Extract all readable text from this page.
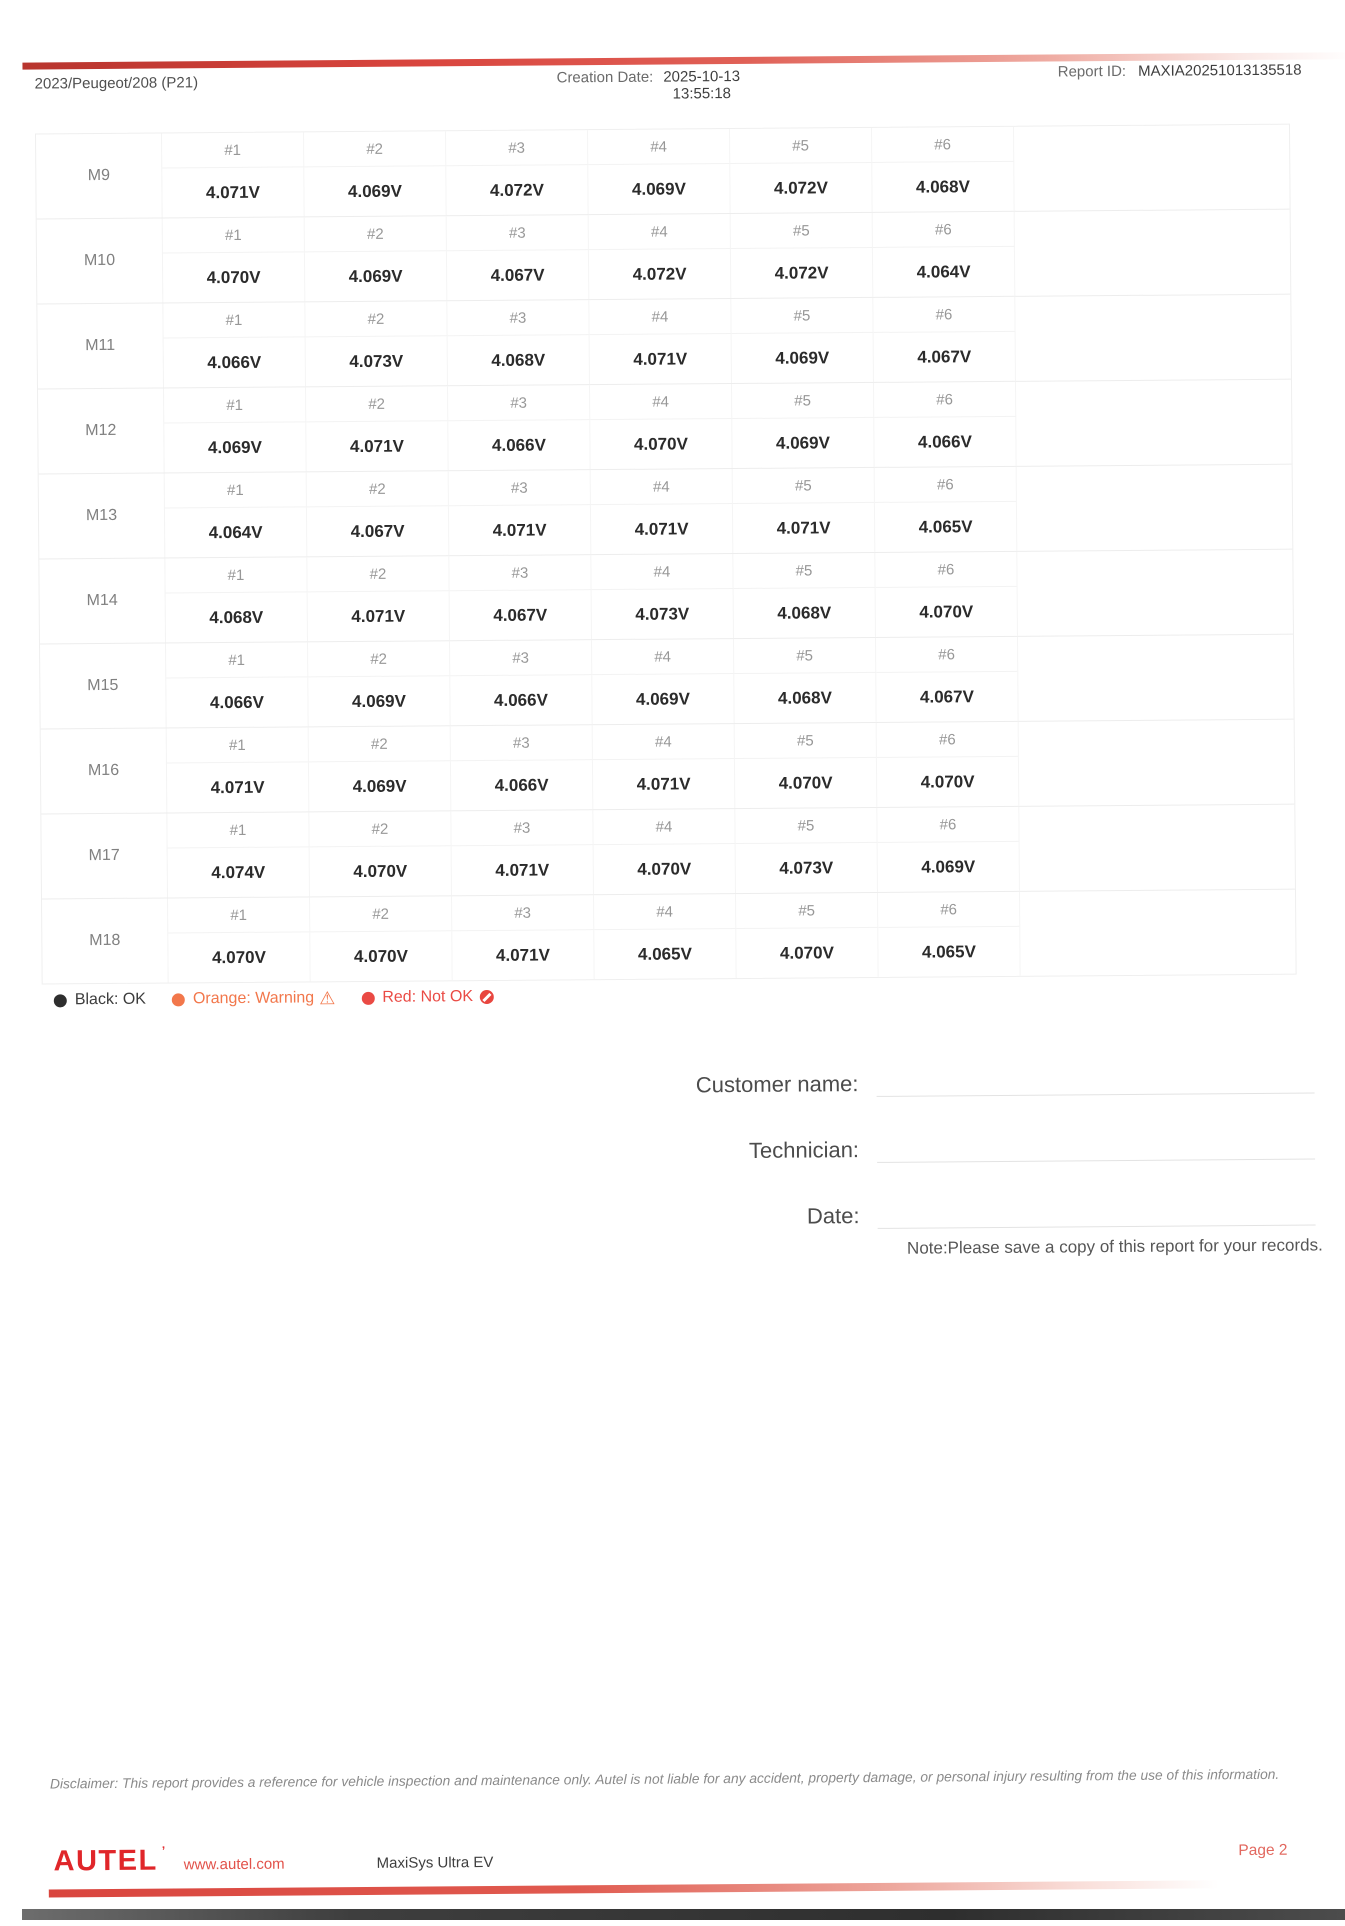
2023/Peugeot/208 (P21)	Creation Date: 2025-10-13
13:55:18
Report ID: MAXIA20251013135518
M9
#1	#2	#3	#4	#5	#6
4.071V	4.069V	4.072V	4.069V	4.072V	4.068V
M10
#1	#2	#3	#4	#5	#6
4.070V	4.069V	4.067V	4.072V	4.072V	4.064V
M11
#1	#2	#3	#4	#5	#6
4.066V	4.073V	4.068V	4.071V	4.069V	4.067V
M12
#1	#2	#3	#4	#5	#6
4.069V	4.071V	4.066V	4.070V	4.069V	4.066V
M13
#1	#2	#3	#4	#5	#6
4.064V	4.067V	4.071V	4.071V	4.071V	4.065V
M14
#1	#2	#3	#4	#5	#6
4.068V	4.071V	4.067V	4.073V	4.068V	4.070V
M15
#1	#2	#3	#4	#5	#6
4.066V	4.069V	4.066V	4.069V	4.068V	4.067V
M16
#1	#2	#3	#4	#5	#6
4.071V	4.069V	4.066V	4.071V	4.070V	4.070V
M17
#1	#2	#3	#4	#5	#6
4.074V	4.070V	4.071V	4.070V	4.073V	4.069V
M18
#1	#2	#3	#4	#5	#6
4.070V	4.070V	4.071V	4.065V	4.070V	4.065V
Black: OK	Orange: Warning ⚠	Red: Not OK
Customer name:
Technician:
Date:
Note:Please save a copy of this report for your records.
Disclaimer: This report provides a reference for vehicle inspection and maintenance only. Autel is not liable for any accident, property damage, or personal injury resulting from the use of this information.
AUTEL ’
www.autel.com	MaxiSys Ultra EV
Page 2
